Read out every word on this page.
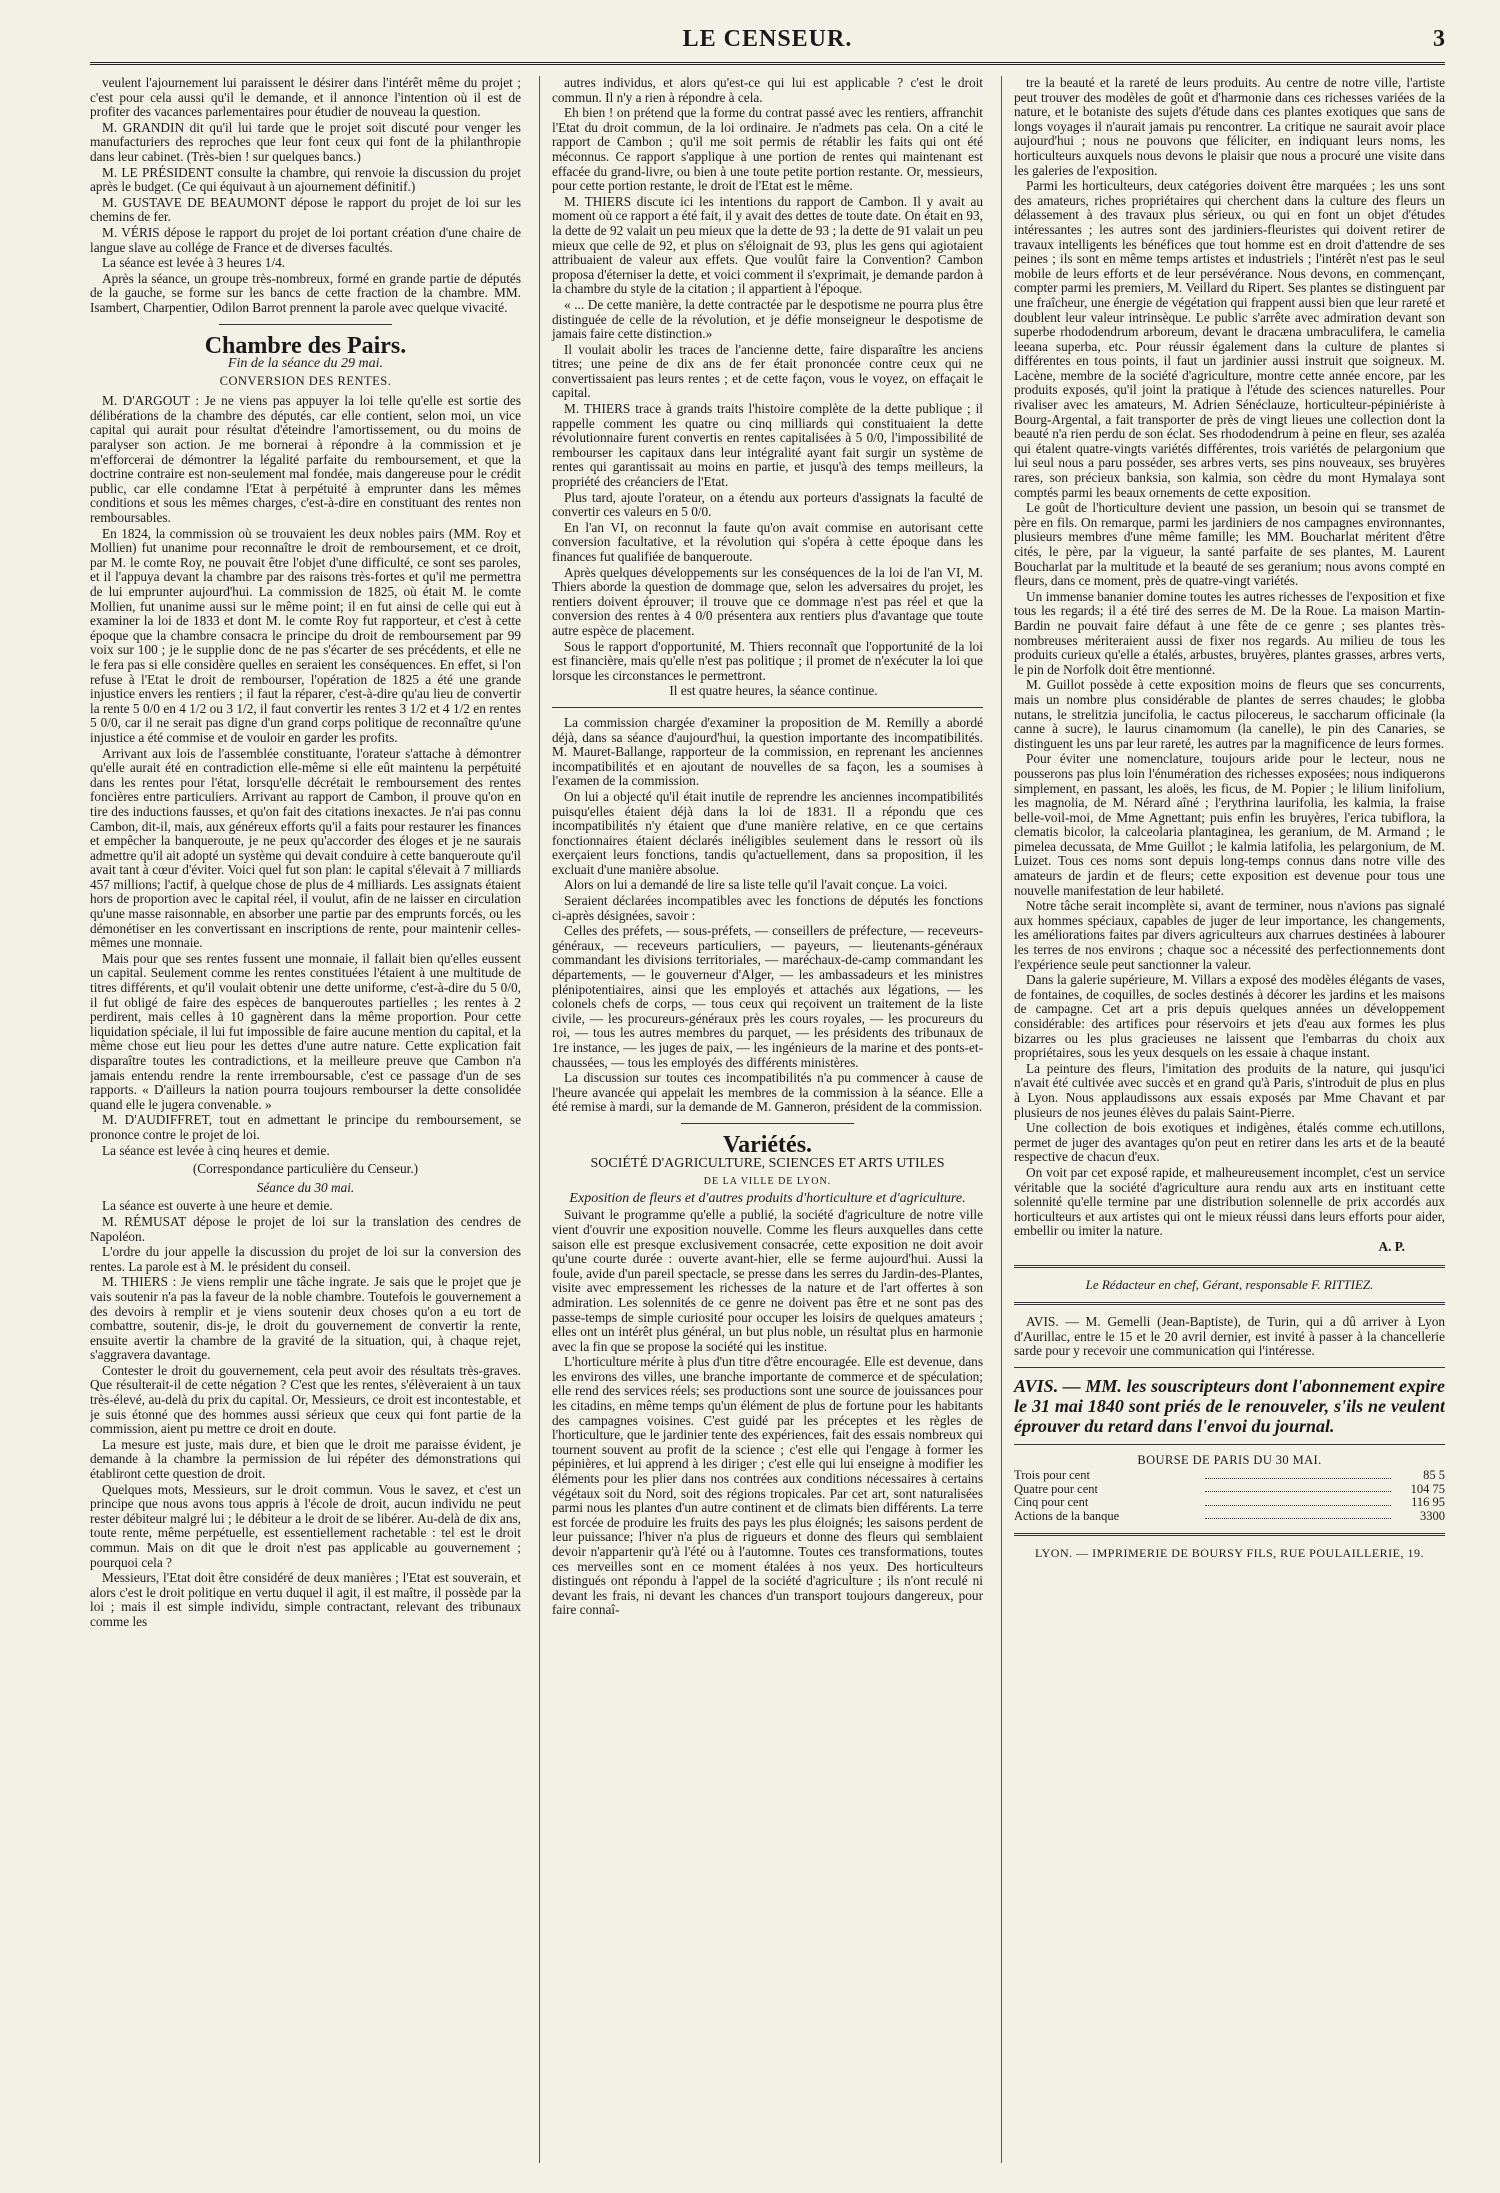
LE CENSEUR.	3

veulent l'ajournement lui paraissent le désirer dans l'intérêt même du projet ; c'est pour cela aussi qu'il le demande, et il annonce l'intention où il est de profiter des vacances parlementaires pour étudier de nouveau la question.

M. GRANDIN dit qu'il lui tarde que le projet soit discuté pour venger les manufacturiers des reproches que leur font ceux qui font de la philanthropie dans leur cabinet. (Très-bien ! sur quelques bancs.)

M. LE PRÉSIDENT consulte la chambre, qui renvoie la discussion du projet après le budget. (Ce qui équivaut à un ajournement définitif.)

M. GUSTAVE DE BEAUMONT dépose le rapport du projet de loi sur les chemins de fer.

M. VÉRIS dépose le rapport du projet de loi portant création d'une chaire de langue slave au collége de France et de diverses facultés.

La séance est levée à 3 heures 1/4.

Après la séance, un groupe très-nombreux, formé en grande partie de députés de la gauche, se forme sur les bancs de cette fraction de la chambre. MM. Isambert, Charpentier, Odilon Barrot prennent la parole avec quelque vivacité.

Chambre des Pairs.
Fin de la séance du 29 mai.
CONVERSION DES RENTES.

M. D'ARGOUT : Je ne viens pas appuyer la loi telle qu'elle est sortie des délibérations de la chambre des députés, car elle contient, selon moi, un vice capital qui aurait pour résultat d'éteindre l'amortissement, ou du moins de paralyser son action. Je me bornerai à répondre à la commission et je m'efforcerai de démontrer la légalité parfaite du remboursement, et que la doctrine contraire est non-seulement mal fondée, mais dangereuse pour le crédit public, car elle condamne l'Etat à perpétuité à emprunter dans les mêmes conditions et sous les mêmes charges, c'est-à-dire en constituant des rentes non remboursables.

En 1824, la commission où se trouvaient les deux nobles pairs (MM. Roy et Mollien) fut unanime pour reconnaître le droit de remboursement, et ce droit, par M. le comte Roy, ne pouvait être l'objet d'une difficulté, ce sont ses paroles, et il l'appuya devant la chambre par des raisons très-fortes et qu'il me permettra de lui emprunter aujourd'hui. La commission de 1825, où était M. le comte Mollien, fut unanime aussi sur le même point; il en fut ainsi de celle qui eut à examiner la loi de 1833 et dont M. le comte Roy fut rapporteur, et c'est à cette époque que la chambre consacra le principe du droit de remboursement par 99 voix sur 100 ; je le supplie donc de ne pas s'écarter de ses précédents, et elle ne le fera pas si elle considère quelles en seraient les conséquences. En effet, si l'on refuse à l'Etat le droit de rembourser, l'opération de 1825 a été une grande injustice envers les rentiers ; il faut la réparer, c'est-à-dire qu'au lieu de convertir la rente 5 0/0 en 4 1/2 ou 3 1/2, il faut convertir les rentes 3 1/2 et 4 1/2 en rentes 5 0/0, car il ne serait pas digne d'un grand corps politique de reconnaître qu'une injustice a été commise et de vouloir en garder les profits.

Arrivant aux lois de l'assemblée constituante, l'orateur s'attache à démontrer qu'elle aurait été en contradiction elle-même si elle eût maintenu la perpétuité dans les rentes pour l'état, lorsqu'elle décrétait le remboursement des rentes foncières entre particuliers. Arrivant au rapport de Cambon, il prouve qu'on en tire des inductions fausses, et qu'on fait des citations inexactes. Je n'ai pas connu Cambon, dit-il, mais, aux généreux efforts qu'il a faits pour restaurer les finances et empêcher la banqueroute, je ne peux qu'accorder des éloges et je ne saurais admettre qu'il ait adopté un système qui devait conduire à cette banqueroute qu'il avait tant à cœur d'éviter. Voici quel fut son plan: le capital s'élevait à 7 milliards 457 millions; l'actif, à quelque chose de plus de 4 milliards. Les assignats étaient hors de proportion avec le capital réel, il voulut, afin de ne laisser en circulation qu'une masse raisonnable, en absorber une partie par des emprunts forcés, ou les démonétiser en les convertissant en inscriptions de rente, pour maintenir celles-mêmes une monnaie.

Mais pour que ses rentes fussent une monnaie, il fallait bien qu'elles eussent un capital. Seulement comme les rentes constituées l'étaient à une multitude de titres différents, et qu'il voulait obtenir une dette uniforme, c'est-à-dire du 5 0/0, il fut obligé de faire des espèces de banqueroutes partielles ; les rentes à 2 perdirent, mais celles à 10 gagnèrent dans la même proportion. Pour cette liquidation spéciale, il lui fut impossible de faire aucune mention du capital, et la même chose eut lieu pour les dettes d'une autre nature. Cette explication fait disparaître toutes les contradictions, et la meilleure preuve que Cambon n'a jamais entendu rendre la rente irremboursable, c'est ce passage d'un de ses rapports. « D'ailleurs la nation pourra toujours rembourser la dette consolidée quand elle le jugera convenable. »

M. D'AUDIFFRET, tout en admettant le principe du remboursement, se prononce contre le projet de loi.

La séance est levée à cinq heures et demie.

(Correspondance particulière du Censeur.)
Séance du 30 mai.

La séance est ouverte à une heure et demie.

M. RÉMUSAT dépose le projet de loi sur la translation des cendres de Napoléon.

L'ordre du jour appelle la discussion du projet de loi sur la conversion des rentes. La parole est à M. le président du conseil.

M. THIERS : Je viens remplir une tâche ingrate. Je sais que le projet que je vais soutenir n'a pas la faveur de la noble chambre. Toutefois le gouvernement a des devoirs à remplir et je viens soutenir deux choses qu'on a eu tort de combattre, soutenir, dis-je, le droit du gouvernement de convertir la rente, ensuite avertir la chambre de la gravité de la situation, qui, à chaque rejet, s'aggravera davantage.

Contester le droit du gouvernement, cela peut avoir des résultats très-graves. Que résulterait-il de cette négation ? C'est que les rentes, s'élèveraient à un taux très-élevé, au-delà du prix du capital. Or, Messieurs, ce droit est incontestable, et je suis étonné que des hommes aussi sérieux que ceux qui font partie de la commission, aient pu mettre ce droit en doute.

La mesure est juste, mais dure, et bien que le droit me paraisse évident, je demande à la chambre la permission de lui répéter des démonstrations qui établiront cette question de droit.

Quelques mots, Messieurs, sur le droit commun. Vous le savez, et c'est un principe que nous avons tous appris à l'école de droit, aucun individu ne peut rester débiteur malgré lui ; le débiteur a le droit de se libérer. Au-delà de dix ans, toute rente, même perpétuelle, est essentiellement rachetable : tel est le droit commun. Mais on dit que le droit n'est pas applicable au gouvernement ; pourquoi cela ?

Messieurs, l'Etat doit être considéré de deux manières ; l'Etat est souverain, et alors c'est le droit politique en vertu duquel il agit, il est maître, il possède par la loi ; mais il est simple individu, simple contractant, relevant des tribunaux comme les

autres individus, et alors qu'est-ce qui lui est applicable ? c'est le droit commun. Il n'y a rien à répondre à cela.

Eh bien ! on prétend que la forme du contrat passé avec les rentiers, affranchit l'Etat du droit commun, de la loi ordinaire. Je n'admets pas cela. On a cité le rapport de Cambon ; qu'il me soit permis de rétablir les faits qui ont été méconnus. Ce rapport s'applique à une portion de rentes qui maintenant est effacée du grand-livre, ou bien à une toute petite portion restante. Or, messieurs, pour cette portion restante, le droit de l'Etat est le même.

M. THIERS discute ici les intentions du rapport de Cambon. Il y avait au moment où ce rapport a été fait, il y avait des dettes de toute date. On était en 93, la dette de 92 valait un peu mieux que la dette de 93 ; la dette de 91 valait un peu mieux que celle de 92, et plus on s'éloignait de 93, plus les gens qui agiotaient attribuaient de valeur aux effets. Que voulût faire la Convention? Cambon proposa d'éterniser la dette, et voici comment il s'exprimait, je demande pardon à la chambre du style de la citation ; il appartient à l'époque.

« ... De cette manière, la dette contractée par le despotisme ne pourra plus être distinguée de celle de la révolution, et je défie monseigneur le despotisme de jamais faire cette distinction.»

Il voulait abolir les traces de l'ancienne dette, faire disparaître les anciens titres; une peine de dix ans de fer était prononcée contre ceux qui ne convertissaient pas leurs rentes ; et de cette façon, vous le voyez, on effaçait le capital.

M. THIERS trace à grands traits l'histoire complète de la dette publique ; il rappelle comment les quatre ou cinq milliards qui constituaient la dette révolutionnaire furent convertis en rentes capitalisées à 5 0/0, l'impossibilité de rembourser les capitaux dans leur intégralité ayant fait surgir un système de rentes qui garantissait au moins en partie, et jusqu'à des temps meilleurs, la propriété des créanciers de l'Etat.

Plus tard, ajoute l'orateur, on a étendu aux porteurs d'assignats la faculté de convertir ces valeurs en 5 0/0.

En l'an VI, on reconnut la faute qu'on avait commise en autorisant cette conversion facultative, et la révolution qui s'opéra à cette époque dans les finances fut qualifiée de banqueroute.

Après quelques développements sur les conséquences de la loi de l'an VI, M. Thiers aborde la question de dommage que, selon les adversaires du projet, les rentiers doivent éprouver; il trouve que ce dommage n'est pas réel et que la conversion des rentes à 4 0/0 présentera aux rentiers plus d'avantage que toute autre espèce de placement.

Sous le rapport d'opportunité, M. Thiers reconnaît que l'opportunité de la loi est financière, mais qu'elle n'est pas politique ; il promet de n'exécuter la loi que lorsque les circonstances le permettront.

Il est quatre heures, la séance continue.

La commission chargée d'examiner la proposition de M. Remilly a abordé déjà, dans sa séance d'aujourd'hui, la question importante des incompatibilités. M. Mauret-Ballange, rapporteur de la commission, en reprenant les anciennes incompatibilités et en ajoutant de nouvelles de sa façon, les a soumises à l'examen de la commission.

On lui a objecté qu'il était inutile de reprendre les anciennes incompatibilités puisqu'elles étaient déjà dans la loi de 1831. Il a répondu que ces incompatibilités n'y étaient que d'une manière relative, en ce que certains fonctionnaires étaient déclarés inéligibles seulement dans le ressort où ils exerçaient leurs fonctions, tandis qu'actuellement, dans sa proposition, il les excluait d'une manière absolue.

Alors on lui a demandé de lire sa liste telle qu'il l'avait conçue. La voici.

Seraient déclarées incompatibles avec les fonctions de députés les fonctions ci-après désignées, savoir :

Celles des préfets, — sous-préfets, — conseillers de préfecture, — receveurs-généraux, — receveurs particuliers, — payeurs, — lieutenants-généraux commandant les divisions territoriales, — maréchaux-de-camp commandant les départements, — le gouverneur d'Alger, — les ambassadeurs et les ministres plénipotentiaires, ainsi que les employés et attachés aux légations, — les colonels chefs de corps, — tous ceux qui reçoivent un traitement de la liste civile, — les procureurs-généraux près les cours royales, — les procureurs du roi, — tous les autres membres du parquet, — les présidents des tribunaux de 1re instance, — les juges de paix, — les ingénieurs de la marine et des ponts-et-chaussées, — tous les employés des différents ministères.

La discussion sur toutes ces incompatibilités n'a pu commencer à cause de l'heure avancée qui appelait les membres de la commission à la séance. Elle a été remise à mardi, sur la demande de M. Ganneron, président de la commission.

Variétés.
SOCIÉTÉ D'AGRICULTURE, SCIENCES ET ARTS UTILES
DE LA VILLE DE LYON.
Exposition de fleurs et d'autres produits d'horticulture et d'agriculture.

Suivant le programme qu'elle a publié, la société d'agriculture de notre ville vient d'ouvrir une exposition nouvelle. Comme les fleurs auxquelles dans cette saison elle est presque exclusivement consacrée, cette exposition ne doit avoir qu'une courte durée : ouverte avant-hier, elle se ferme aujourd'hui. Aussi la foule, avide d'un pareil spectacle, se presse dans les serres du Jardin-des-Plantes, visite avec empressement les richesses de la nature et de l'art offertes à son admiration. Les solennités de ce genre ne doivent pas être et ne sont pas des passe-temps de simple curiosité pour occuper les loisirs de quelques amateurs ; elles ont un intérêt plus général, un but plus noble, un résultat plus en harmonie avec la fin que se propose la société qui les institue.

L'horticulture mérite à plus d'un titre d'être encouragée. Elle est devenue, dans les environs des villes, une branche importante de commerce et de spéculation; elle rend des services réels; ses productions sont une source de jouissances pour les citadins, en même temps qu'un élément de plus de fortune pour les habitants des campagnes voisines. C'est guidé par les préceptes et les règles de l'horticulture, que le jardinier tente des expériences, fait des essais nombreux qui tournent souvent au profit de la science ; c'est elle qui l'engage à former les pépinières, et lui apprend à les diriger ; c'est elle qui lui enseigne à modifier les éléments pour les plier dans nos contrées aux conditions nécessaires à certains végétaux soit du Nord, soit des régions tropicales. Par cet art, sont naturalisées parmi nous les plantes d'un autre continent et de climats bien différents. La terre est forcée de produire les fruits des pays les plus éloignés; les saisons perdent de leur puissance; l'hiver n'a plus de rigueurs et donne des fleurs qui semblaient devoir n'appartenir qu'à l'été ou à l'automne. Toutes ces transformations, toutes ces merveilles sont en ce moment étalées à nos yeux. Des horticulteurs distingués ont répondu à l'appel de la société d'agriculture ; ils n'ont reculé ni devant les frais, ni devant les chances d'un transport toujours dangereux, pour faire connaî-

tre la beauté et la rareté de leurs produits. Au centre de notre ville, l'artiste peut trouver des modèles de goût et d'harmonie dans ces richesses variées de la nature, et le botaniste des sujets d'étude dans ces plantes exotiques que sans de longs voyages il n'aurait jamais pu rencontrer. La critique ne saurait avoir place aujourd'hui ; nous ne pouvons que féliciter, en indiquant leurs noms, les horticulteurs auxquels nous devons le plaisir que nous a procuré une visite dans les galeries de l'exposition.

Parmi les horticulteurs, deux catégories doivent être marquées ; les uns sont des amateurs, riches propriétaires qui cherchent dans la culture des fleurs un délassement à des travaux plus sérieux, ou qui en font un objet d'études intéressantes ; les autres sont des jardiniers-fleuristes qui doivent retirer de travaux intelligents les bénéfices que tout homme est en droit d'attendre de ses peines ; ils sont en même temps artistes et industriels ; l'intérêt n'est pas le seul mobile de leurs efforts et de leur persévérance. Nous devons, en commençant, compter parmi les premiers, M. Veillard du Ripert. Ses plantes se distinguent par une fraîcheur, une énergie de végétation qui frappent aussi bien que leur rareté et doublent leur valeur intrinsèque. Le public s'arrête avec admiration devant son superbe rhododendrum arboreum, devant le dracæna umbraculifera, le camelia leeana superba, etc. Pour réussir également dans la culture de plantes si différentes en tous points, il faut un jardinier aussi instruit que soigneux. M. Lacène, membre de la société d'agriculture, montre cette année encore, par les produits exposés, qu'il joint la pratique à l'étude des sciences naturelles. Pour rivaliser avec les amateurs, M. Adrien Sénéclauze, horticulteur-pépiniériste à Bourg-Argental, a fait transporter de près de vingt lieues une collection dont la beauté n'a rien perdu de son éclat. Ses rhododendrum à peine en fleur, ses azaléa qui étalent quatre-vingts variétés différentes, trois variétés de pelargonium que lui seul nous a paru posséder, ses arbres verts, ses pins nouveaux, ses bruyères rares, son précieux banksia, son kalmia, son cèdre du mont Hymalaya sont comptés parmi les beaux ornements de cette exposition.

Le goût de l'horticulture devient une passion, un besoin qui se transmet de père en fils. On remarque, parmi les jardiniers de nos campagnes environnantes, plusieurs membres d'une même famille; les MM. Boucharlat méritent d'être cités, le père, par la vigueur, la santé parfaite de ses plantes, M. Laurent Boucharlat par la multitude et la beauté de ses geranium; nous avons compté en fleurs, dans ce moment, près de quatre-vingt variétés.

Un immense bananier domine toutes les autres richesses de l'exposition et fixe tous les regards; il a été tiré des serres de M. De la Roue. La maison Martin-Bardin ne pouvait faire défaut à une fête de ce genre ; ses plantes très-nombreuses mériteraient aussi de fixer nos regards. Au milieu de tous les produits curieux qu'elle a étalés, arbustes, bruyères, plantes grasses, arbres verts, le pin de Norfolk doit être mentionné.

M. Guillot possède à cette exposition moins de fleurs que ses concurrents, mais un nombre plus considérable de plantes de serres chaudes; le globba nutans, le strelitzia juncifolia, le cactus pilocereus, le saccharum officinale (la canne à sucre), le laurus cinamomum (la canelle), le pin des Canaries, se distinguent les uns par leur rareté, les autres par la magnificence de leurs formes.

Pour éviter une nomenclature, toujours aride pour le lecteur, nous ne pousserons pas plus loin l'énumération des richesses exposées; nous indiquerons simplement, en passant, les aloës, les ficus, de M. Popier ; le lilium linifolium, les magnolia, de M. Nérard aîné ; l'erythrina laurifolia, les kalmia, la fraise belle-voil-moi, de Mme Agnettant; puis enfin les bruyères, l'erica tubiflora, la clematis bicolor, la calceolaria plantaginea, les geranium, de M. Armand ; le pimelea decussata, de Mme Guillot ; le kalmia latifolia, les pelargonium, de M. Luizet. Tous ces noms sont depuis long-temps connus dans notre ville des amateurs de jardin et de fleurs; cette exposition est devenue pour tous une nouvelle manifestation de leur habileté.

Notre tâche serait incomplète si, avant de terminer, nous n'avions pas signalé aux hommes spéciaux, capables de juger de leur importance, les changements, les améliorations faites par divers agriculteurs aux charrues destinées à labourer les terres de nos environs ; chaque soc a nécessité des perfectionnements dont l'expérience seule peut sanctionner la valeur.

Dans la galerie supérieure, M. Villars a exposé des modèles élégants de vases, de fontaines, de coquilles, de socles destinés à décorer les jardins et les maisons de campagne. Cet art a pris depuis quelques années un développement considérable: des artifices pour réservoirs et jets d'eau aux formes les plus bizarres ou les plus gracieuses ne laissent que l'embarras du choix aux propriétaires, sous les yeux desquels on les essaie à chaque instant.

La peinture des fleurs, l'imitation des produits de la nature, qui jusqu'ici n'avait été cultivée avec succès et en grand qu'à Paris, s'introduit de plus en plus à Lyon. Nous applaudissons aux essais exposés par Mme Chavant et par plusieurs de nos jeunes élèves du palais Saint-Pierre.

Une collection de bois exotiques et indigènes, étalés comme ech.utillons, permet de juger des avantages qu'on peut en retirer dans les arts et de la beauté respective de chacun d'eux.

On voit par cet exposé rapide, et malheureusement incomplet, c'est un service véritable que la société d'agriculture aura rendu aux arts en instituant cette solennité qu'elle termine par une distribution solennelle de prix accordés aux horticulteurs et aux artistes qui ont le mieux réussi dans leurs efforts pour aider, embellir ou imiter la nature.

A. P.
Le Rédacteur en chef, Gérant, responsable F. RITTIEZ.

AVIS. — M. Gemelli (Jean-Baptiste), de Turin, qui a dû arriver à Lyon d'Aurillac, entre le 15 et le 20 avril dernier, est invité à passer à la chancellerie sarde pour y recevoir une communication qui l'intéresse.

AVIS. — MM. les souscripteurs dont l'abonnement expire le 31 mai 1840 sont priés de le renouveler, s'ils ne veulent éprouver du retard dans l'envoi du journal.
BOURSE DE PARIS DU 30 MAI.
Trois pour cent	85 5
Quatre pour cent	104 75
Cinq pour cent	116 95
Actions de la banque	3300
LYON. — IMPRIMERIE DE BOURSY FILS, RUE POULAILLERIE, 19.
